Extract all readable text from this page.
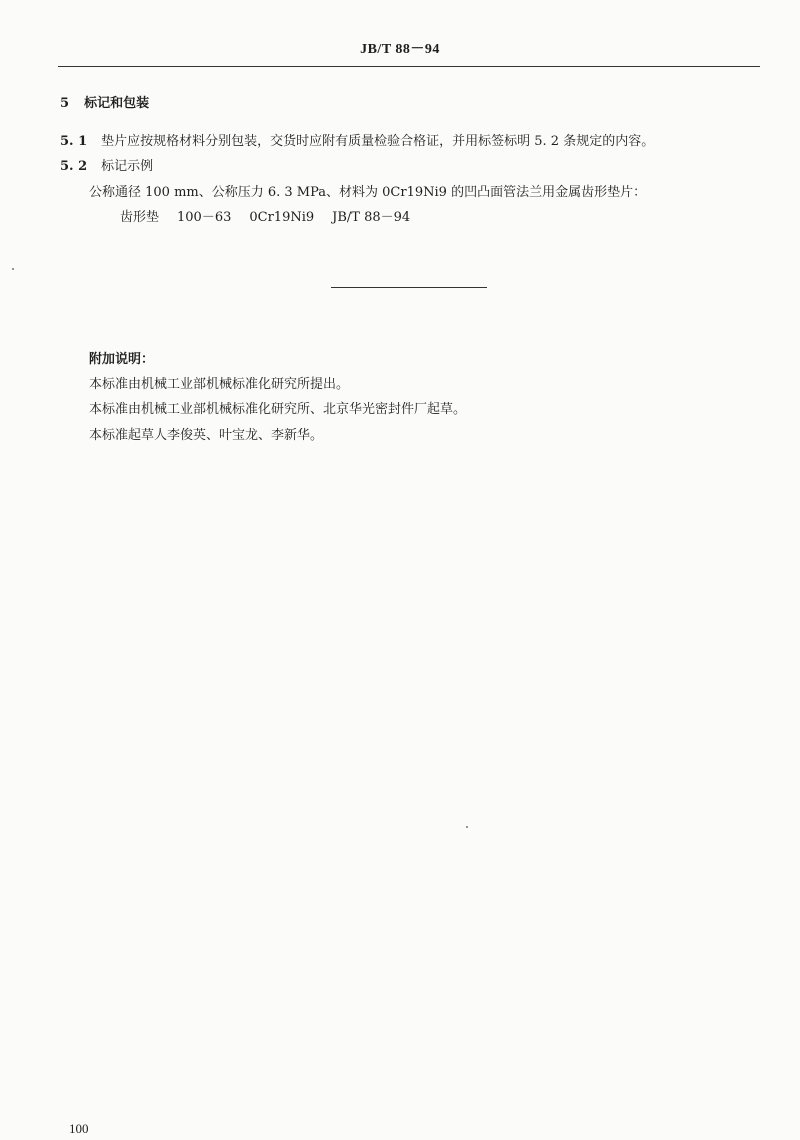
JB/T 88－94
5 标记和包装
5. 1 垫片应按规格材料分别包装，交货时应附有质量检验合格证，并用标签标明 5. 2 条规定的内容。
5. 2 标记示例
公称通径 100 mm、公称压力 6. 3 MPa、材料为 0Cr19Ni9 的凹凸面管法兰用金属齿形垫片：
齿形垫 100－63 0Cr19Ni9 JB/T 88－94
附加说明：
本标准由机械工业部机械标准化研究所提出。
本标准由机械工业部机械标准化研究所、北京华光密封件厂起草。
本标准起草人李俊英、叶宝龙、李新华。
100
